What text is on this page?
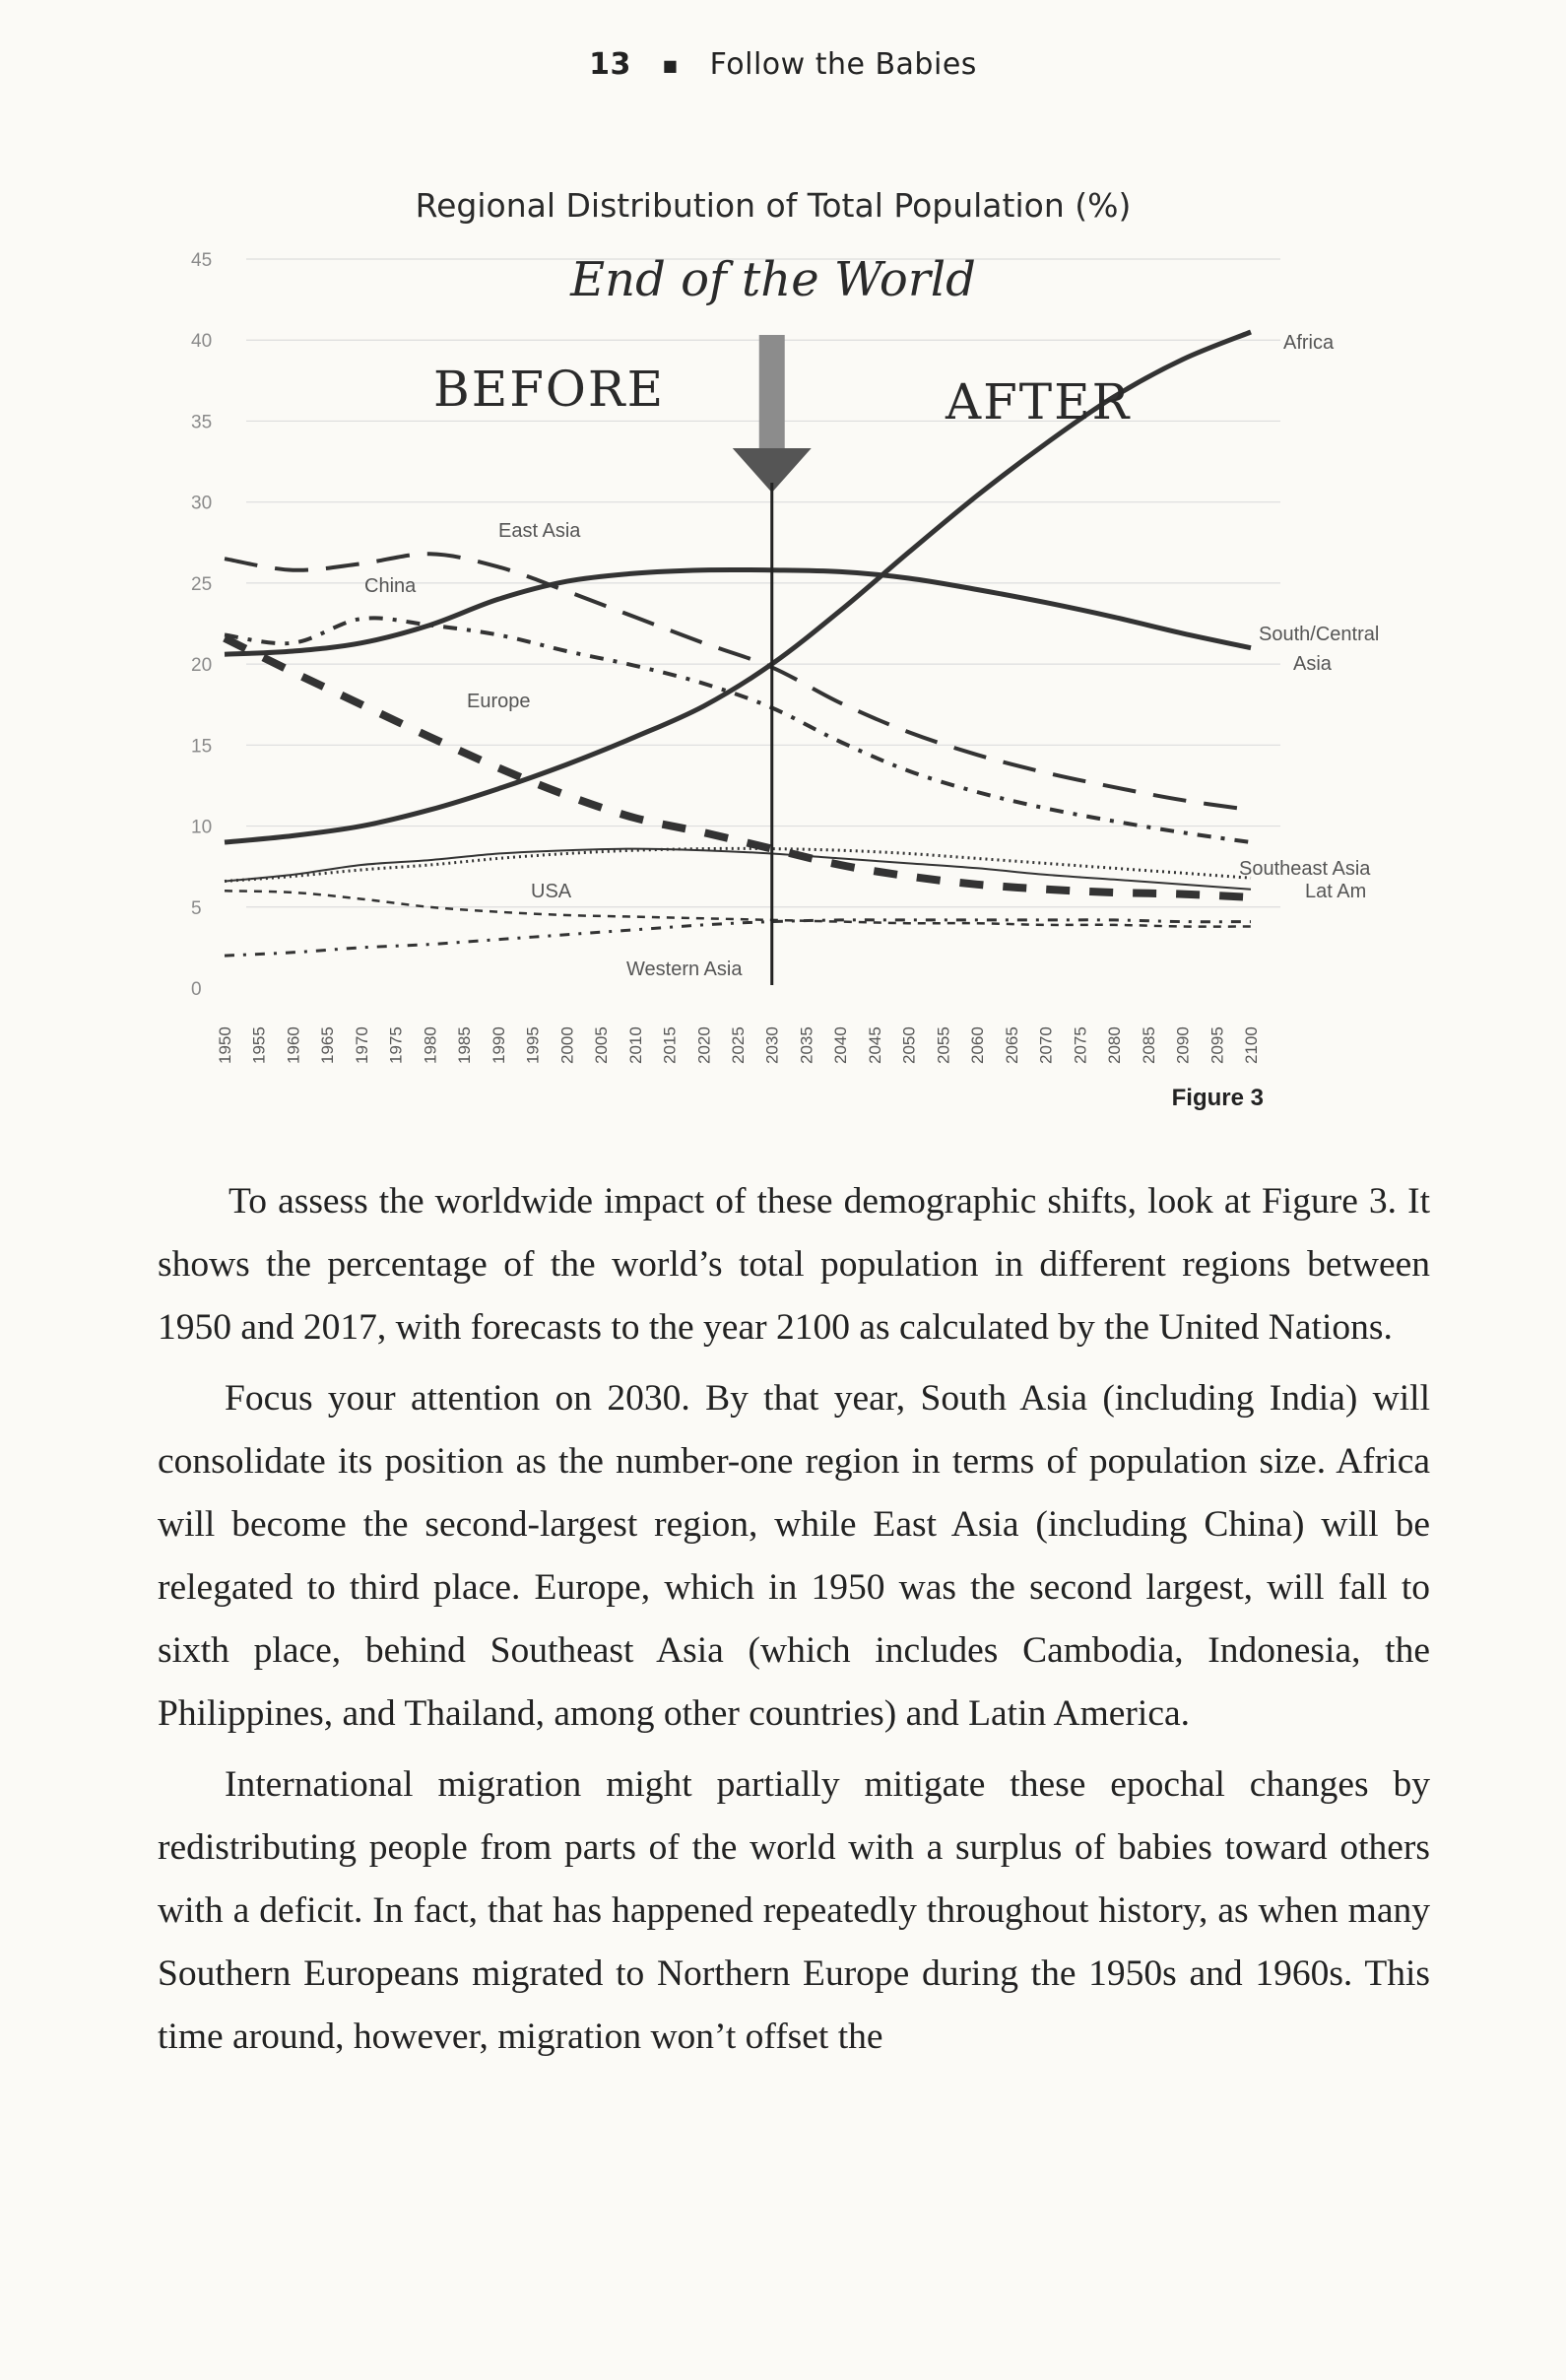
13 ■ Follow the Babies
0
5
10
15
20
25
30
35
40
45
1950 1955 1960 1965 1970 1975 1980 1985 1990 1995 2000 2005 2010 2015 2020 2025 2030 2035 2040 2045 2050 2055 2060 2065 2070 2075 2080 2085 2090 2095 2100
Africa
South/Central Asia
East Asia
China
Europe
Southeast Asia
Lat Am
USA
Western Asia
Regional Distribution of Total Population (%)
End of the World
BEFORE	AFTER
Figure 3

To assess the worldwide impact of these demographic shifts, look at Figure 3. It shows the percentage of the world’s total population in different regions between 1950 and 2017, with forecasts to the year 2100 as calculated by the United Nations.

Focus your attention on 2030. By that year, South Asia (including India) will consolidate its position as the number-one region in terms of population size. Africa will become the second-largest region, while East Asia (including China) will be relegated to third place. Europe, which in 1950 was the second largest, will fall to sixth place, behind Southeast Asia (which includes Cambodia, Indonesia, the Philippines, and Thailand, among other countries) and Latin America.

International migration might partially mitigate these epochal changes by redistributing people from parts of the world with a surplus of babies toward others with a deficit. In fact, that has happened repeatedly throughout history, as when many Southern Europeans migrated to Northern Europe during the 1950s and 1960s. This time around, however, migration won’t offset the
